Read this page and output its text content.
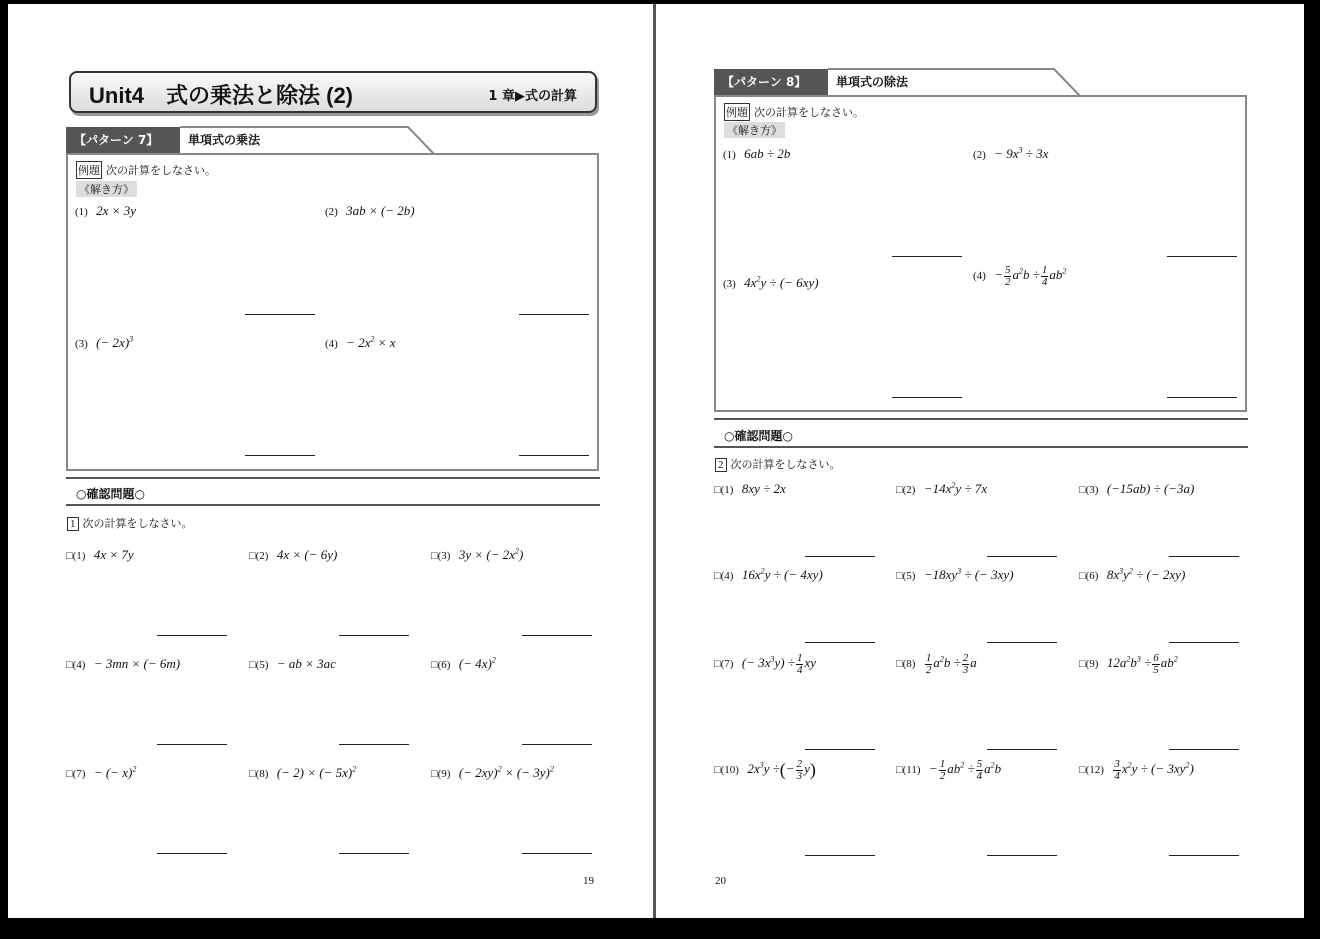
Unit4　式の乗法と除法 (2)	1 章▶式の計算
【パターン 7】	単項式の乗法
例題 次の計算をしなさい。
《解き方》
(1)  2x × 3y	(2)  3ab × (− 2b)
(3)  (− 2x)$^3$	$(4) - 2x^2 \times x$
○確認問題○
1 次の計算をしなさい。
□(1)  4x × 7y	□(2)  4x × (− 6y)	□(3)  3y × (− $2x^2$)
□(4)  − 3mn × (− 6m)	□(5)  − ab × 3ac	□(6)  (− 4x)$^2$
□(7)  − (− x)$^2$	□(8)  (− 2) × (− 5x)$^2$	□(9)  (− 2xy)$^2$ × (− 3y)$^2$
19
【パターン 8】	単項式の除法
例題 次の計算をしなさい。
《解き方》
(1)  6ab ÷ 2b	$(2) - 9x^3 \div 3x$
(3)  $4x^2y$ ÷ (− 6xy)	$(4) - \frac{5}{2} a^2b \div \frac{1}{4} ab^2$
○確認問題○
2 次の計算をしなさい。
□(1)  8xy ÷ 2x	□(2)  $-14x^2y \div 7x$	□(3)  (−15ab) ÷ (−3a)
□(4)  $16x^2y$ ÷ (− 4xy)	□(5)  $-18xy^3$ ÷ (− 3xy)	□(6)  $8x^3y^2$ ÷ (− 2xy)
□(7)  (− $3x^3y) \div \frac{1}{4}$ xy	□(8) $\frac{1}{2} a^2b \div \frac{2}{3}$ a	□(9)  $12a^2b^3 \div \frac{6}{5} ab^2$
□(10)  $2x^3y$ ÷(− $\frac{2}{3} y$)	□(11)  − $\frac{1}{2} ab^2 \div \frac{5}{4} a^2b$	□(12) $\frac{3}{4} x^2y$ ÷ (− $3xy^2$)
20
